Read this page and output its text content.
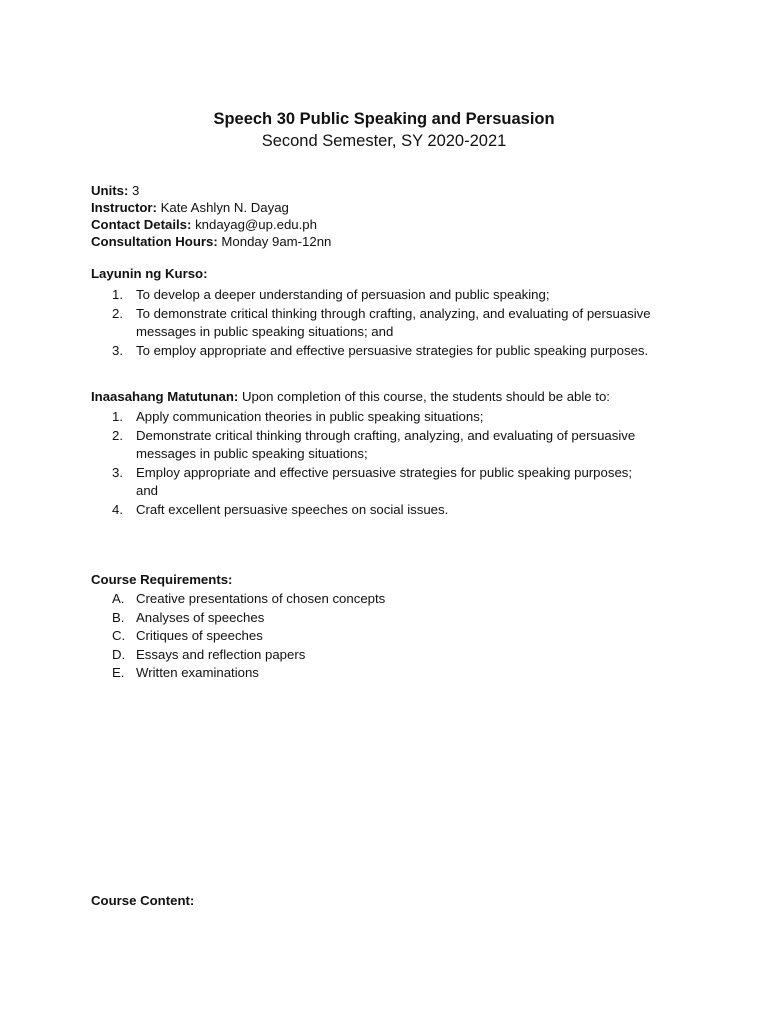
Speech 30 Public Speaking and Persuasion
Second Semester, SY 2020-2021
Units: 3
Instructor: Kate Ashlyn N. Dayag
Contact Details: kndayag@up.edu.ph
Consultation Hours: Monday 9am-12nn
Layunin ng Kurso:
1. To develop a deeper understanding of persuasion and public speaking;
2. To demonstrate critical thinking through crafting, analyzing, and evaluating of persuasive
messages in public speaking situations; and
3. To employ appropriate and effective persuasive strategies for public speaking purposes.
Inaasahang Matutunan: Upon completion of this course, the students should be able to:
1. Apply communication theories in public speaking situations;
2. Demonstrate critical thinking through crafting, analyzing, and evaluating of persuasive
messages in public speaking situations;
3. Employ appropriate and effective persuasive strategies for public speaking purposes;
and
4. Craft excellent persuasive speeches on social issues.
Course Requirements:
A. Creative presentations of chosen concepts
B. Analyses of speeches
C. Critiques of speeches
D. Essays and reflection papers
E. Written examinations
Course Content:
